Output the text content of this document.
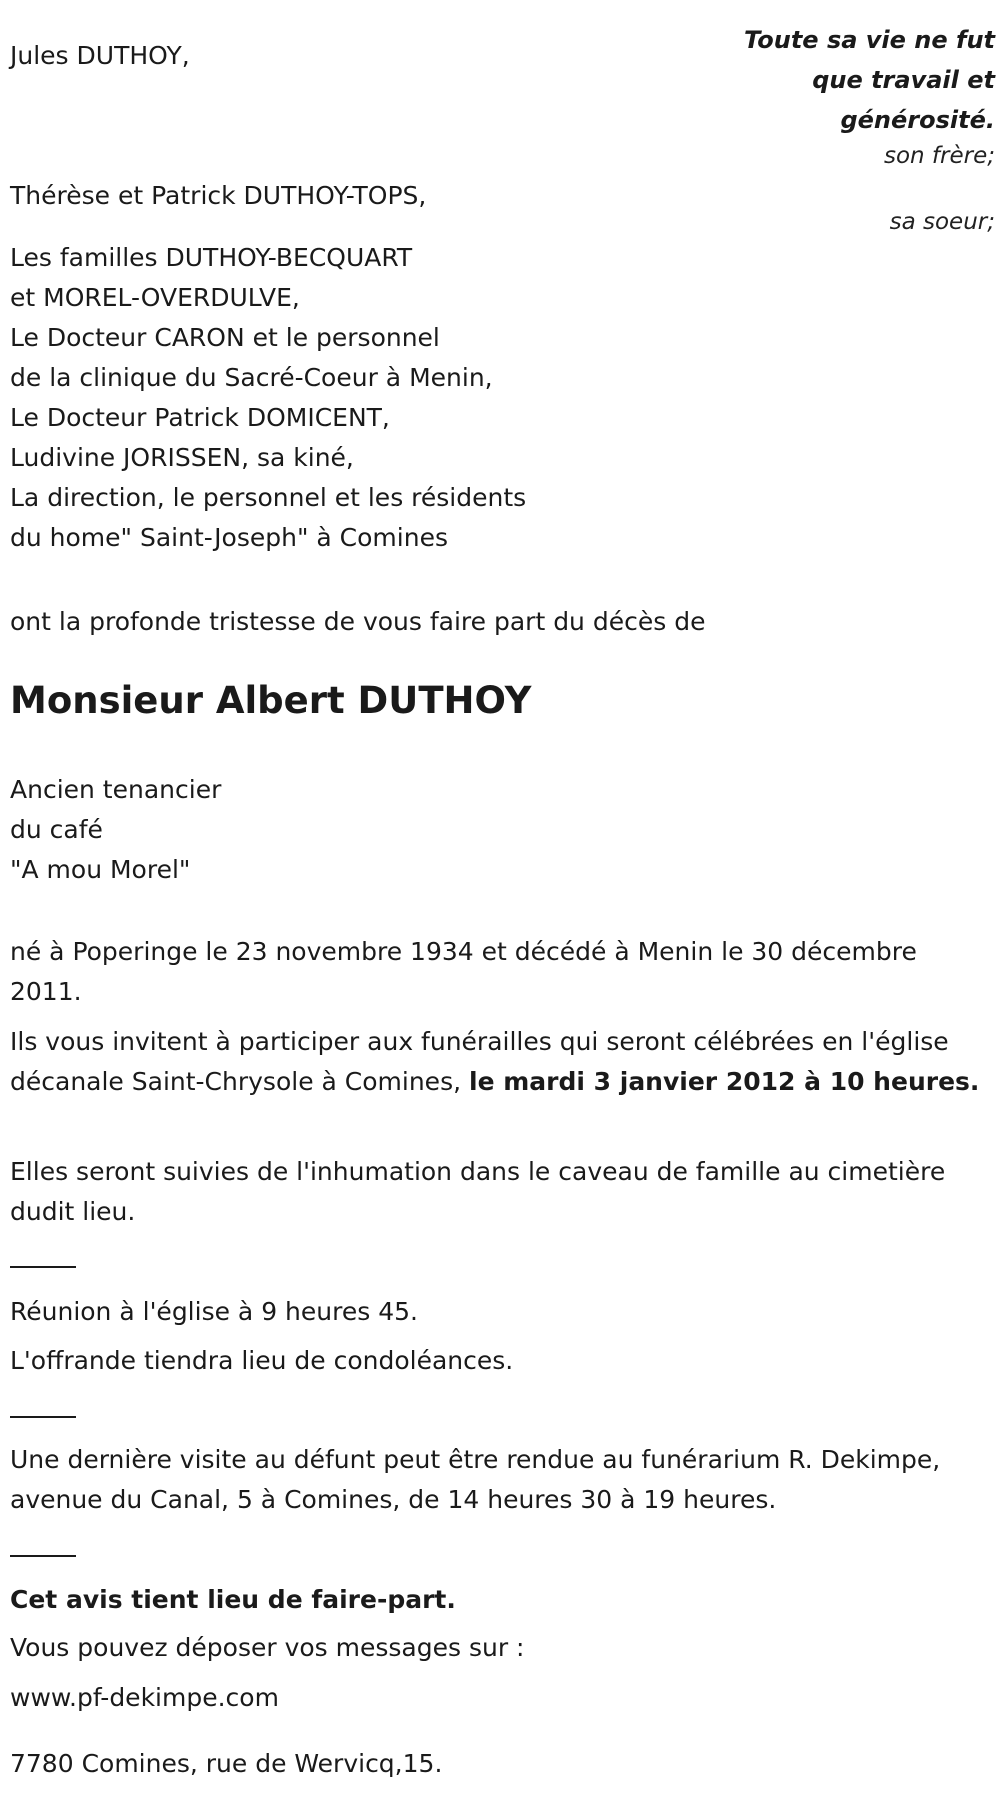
Jules DUTHOY,
Toute sa vie ne fut
que travail et
générosité.
son frère;
Thérèse et Patrick DUTHOY-TOPS,
sa soeur;
Les familles DUTHOY-BECQUART
et MOREL-OVERDULVE,
Le Docteur CARON et le personnel
de la clinique du Sacré-Coeur à Menin,
Le Docteur Patrick DOMICENT,
Ludivine JORISSEN, sa kiné,
La direction, le personnel et les résidents
du home" Saint-Joseph" à Comines
ont la profonde tristesse de vous faire part du décès de
Monsieur Albert DUTHOY
Ancien tenancier
du café
"A mou Morel"
né à Poperinge le 23 novembre 1934 et décédé à Menin le 30 décembre 2011.
Ils vous invitent à participer aux funérailles qui seront célébrées en l'église décanale Saint-Chrysole à Comines, le mardi 3 janvier 2012 à 10 heures.
Elles seront suivies de l'inhumation dans le caveau de famille au cimetière dudit lieu.
Réunion à l'église à 9 heures 45.
L'offrande tiendra lieu de condoléances.
Une dernière visite au défunt peut être rendue au funérarium R. Dekimpe, avenue du Canal, 5 à Comines, de 14 heures 30 à 19 heures.
Cet avis tient lieu de faire-part.
Vous pouvez déposer vos messages sur :
www.pf-dekimpe.com
7780 Comines, rue de Wervicq,15.
